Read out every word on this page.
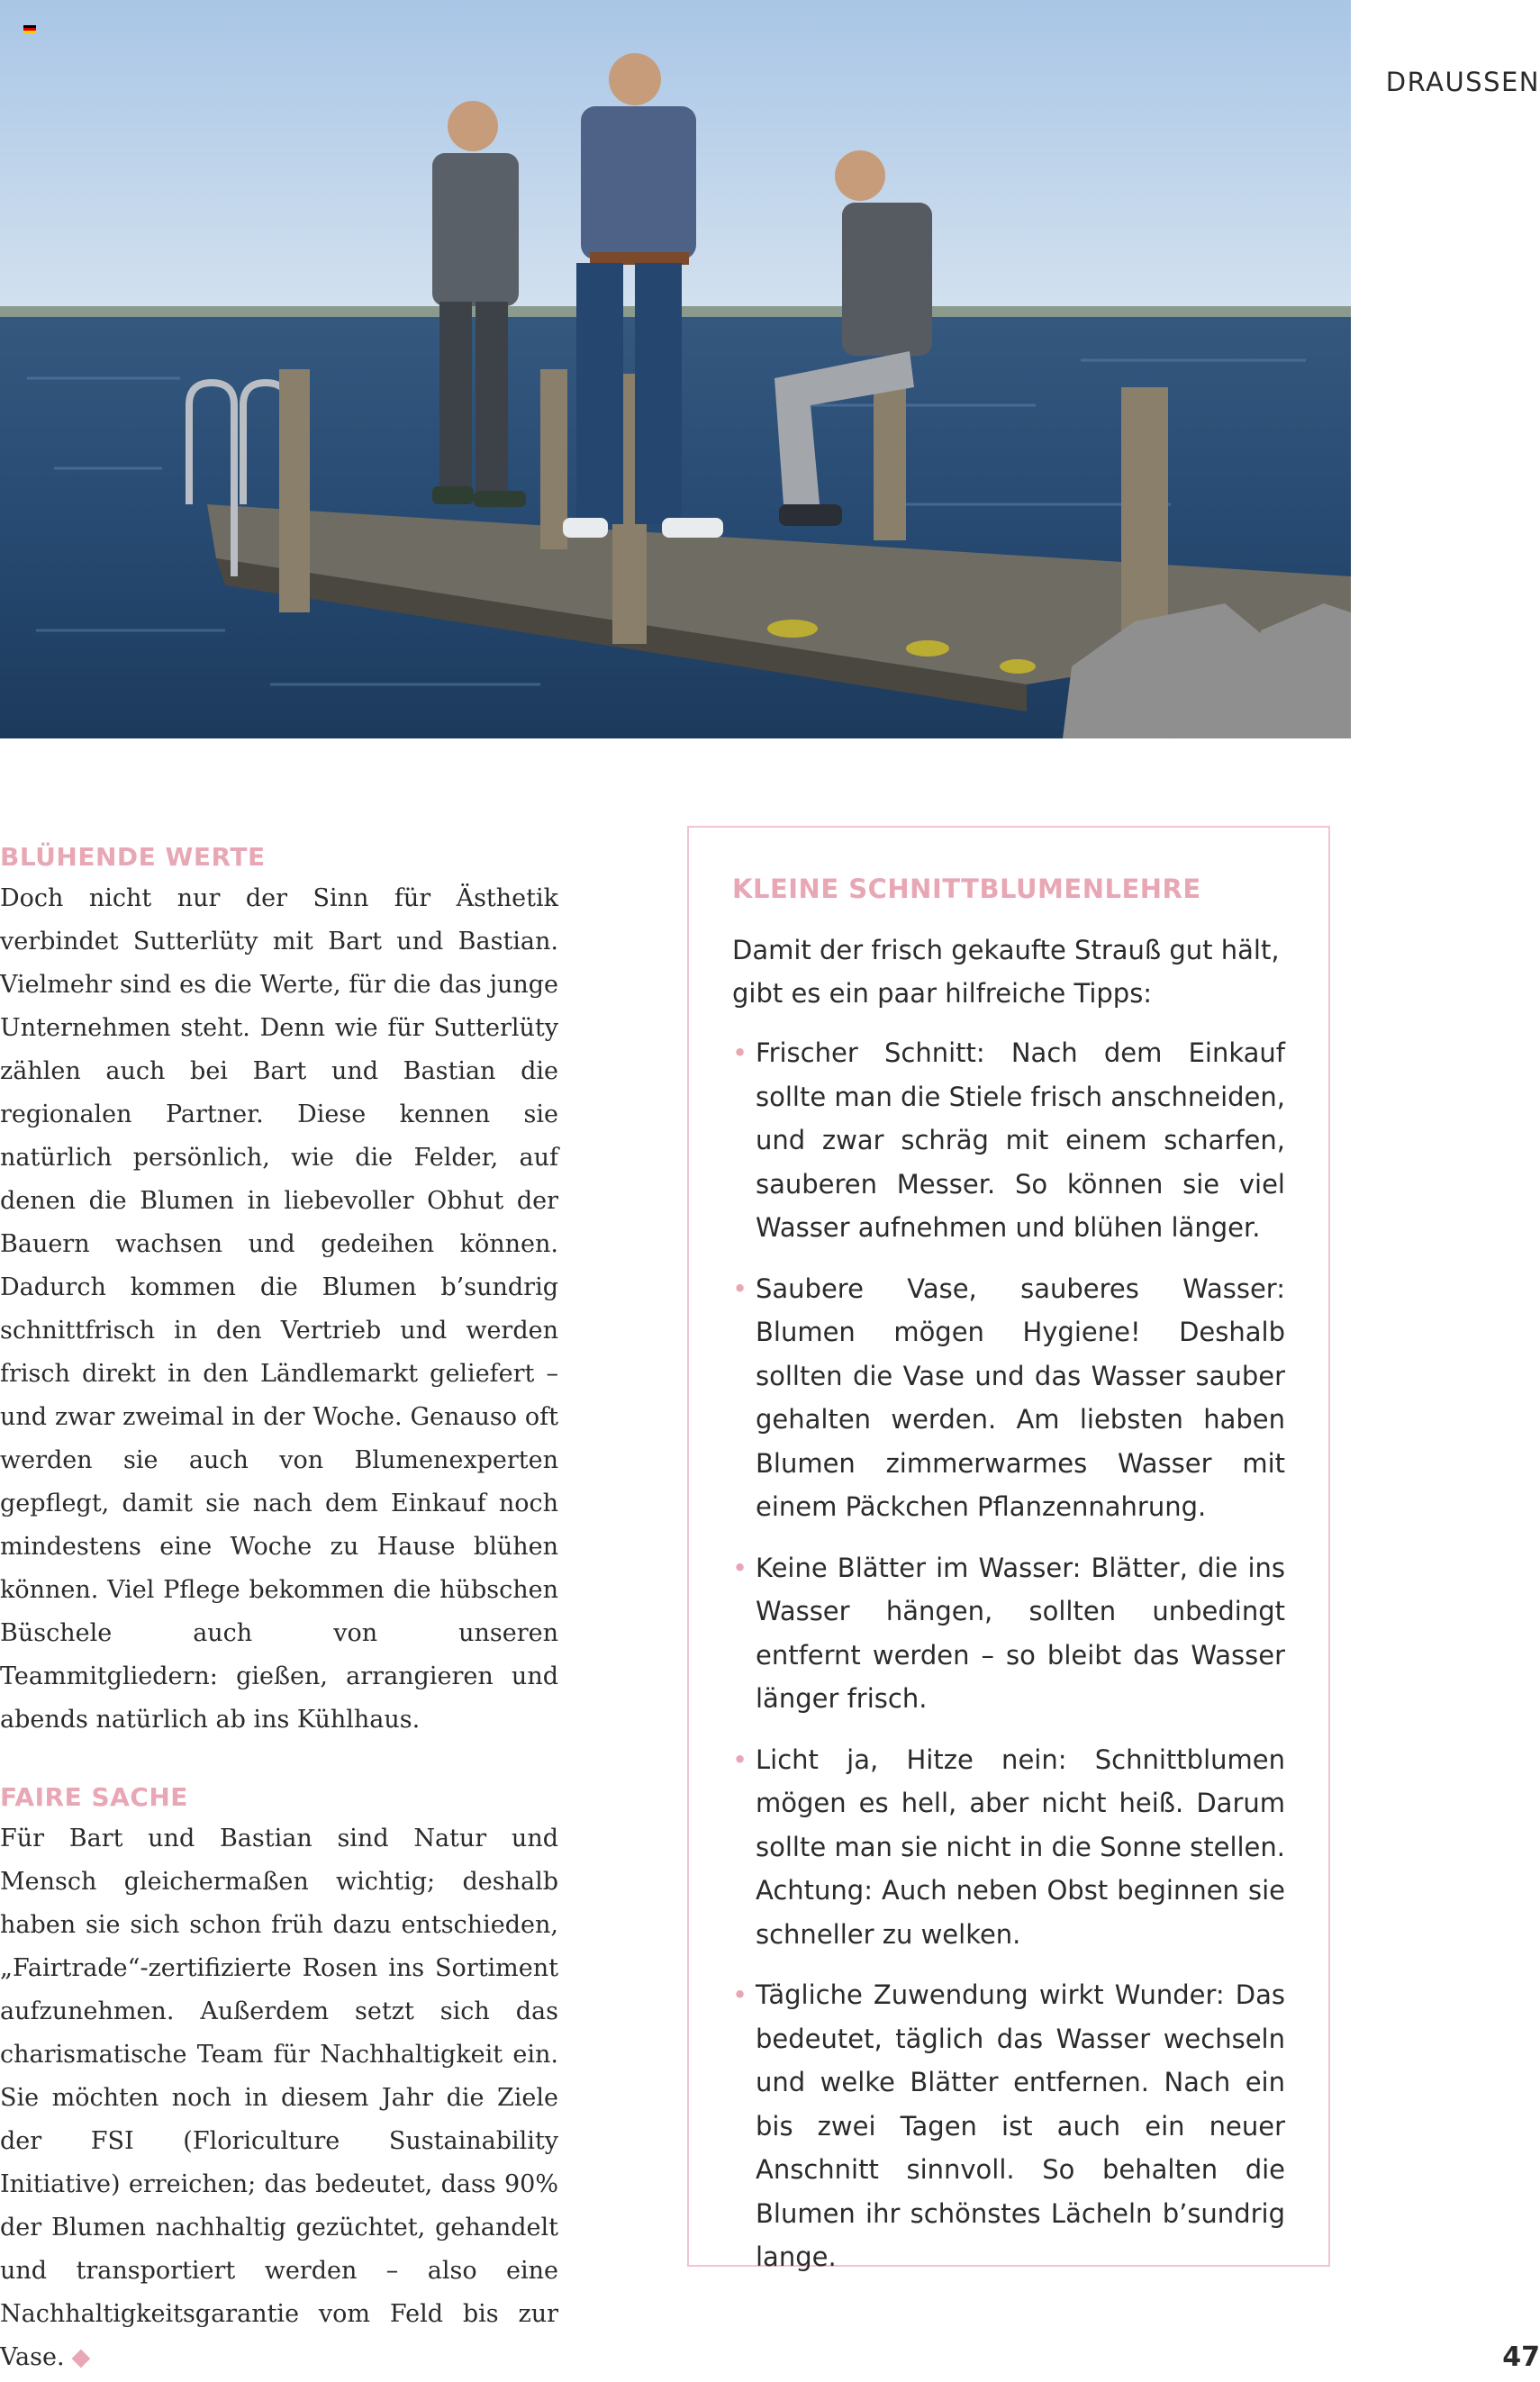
DRAUSSEN
BLÜHENDE WERTE

Doch nicht nur der Sinn für Ästhetik verbindet Sutterlüty mit Bart und Bastian. Vielmehr sind es die Werte, für die das junge Unternehmen steht. Denn wie für Sutterlüty zählen auch bei Bart und Bastian die regionalen Partner. Diese kennen sie natürlich persönlich, wie die Felder, auf denen die Blumen in liebevoller Obhut der Bauern wachsen und gedeihen können. Dadurch kommen die Blumen b’sundrig schnittfrisch in den Vertrieb und werden frisch direkt in den Ländlemarkt geliefert – und zwar zweimal in der Woche. Genauso oft werden sie auch von Blumenexperten gepflegt, damit sie nach dem Einkauf noch mindestens eine Woche zu Hause blühen können. Viel Pflege bekommen die hübschen Büschele auch von unseren Teammitgliedern: gießen, arrangieren und abends natürlich ab ins Kühlhaus.

FAIRE SACHE

Für Bart und Bastian sind Natur und Mensch gleichermaßen wichtig; deshalb haben sie sich schon früh dazu entschieden, „Fairtrade“-zertifizierte Rosen ins Sortiment aufzunehmen. Außerdem setzt sich das charismatische Team für Nachhaltigkeit ein. Sie möchten noch in diesem Jahr die Ziele der FSI (Floriculture Sustainability Initiative) erreichen; das bedeutet, dass 90% der Blumen nachhaltig gezüchtet, gehandelt und transportiert werden – also eine Nachhaltigkeitsgarantie vom Feld bis zur Vase. ◆

KLEINE SCHNITTBLUMENLEHRE

Damit der frisch gekaufte Strauß gut hält, gibt es ein paar hilfreiche Tipps:

• Frischer Schnitt: Nach dem Einkauf sollte man die Stiele frisch anschneiden, und zwar schräg mit einem scharfen, sauberen Messer. So können sie viel Wasser aufnehmen und blühen länger.
• Saubere Vase, sauberes Wasser: Blumen mögen Hygiene! Deshalb sollten die Vase und das Wasser sauber gehalten werden. Am liebsten haben Blumen zimmerwarmes Wasser mit einem Päckchen Pflanzennahrung.
• Keine Blätter im Wasser: Blätter, die ins Wasser hängen, sollten unbedingt entfernt werden – so bleibt das Wasser länger frisch.
• Licht ja, Hitze nein: Schnittblumen mögen es hell, aber nicht heiß. Darum sollte man sie nicht in die Sonne stellen. Achtung: Auch neben Obst beginnen sie schneller zu welken.
• Tägliche Zuwendung wirkt Wunder: Das bedeutet, täglich das Wasser wechseln und welke Blätter entfernen. Nach ein bis zwei Tagen ist auch ein neuer Anschnitt sinnvoll. So behalten die Blumen ihr schönstes Lächeln b’sundrig lange.
47
